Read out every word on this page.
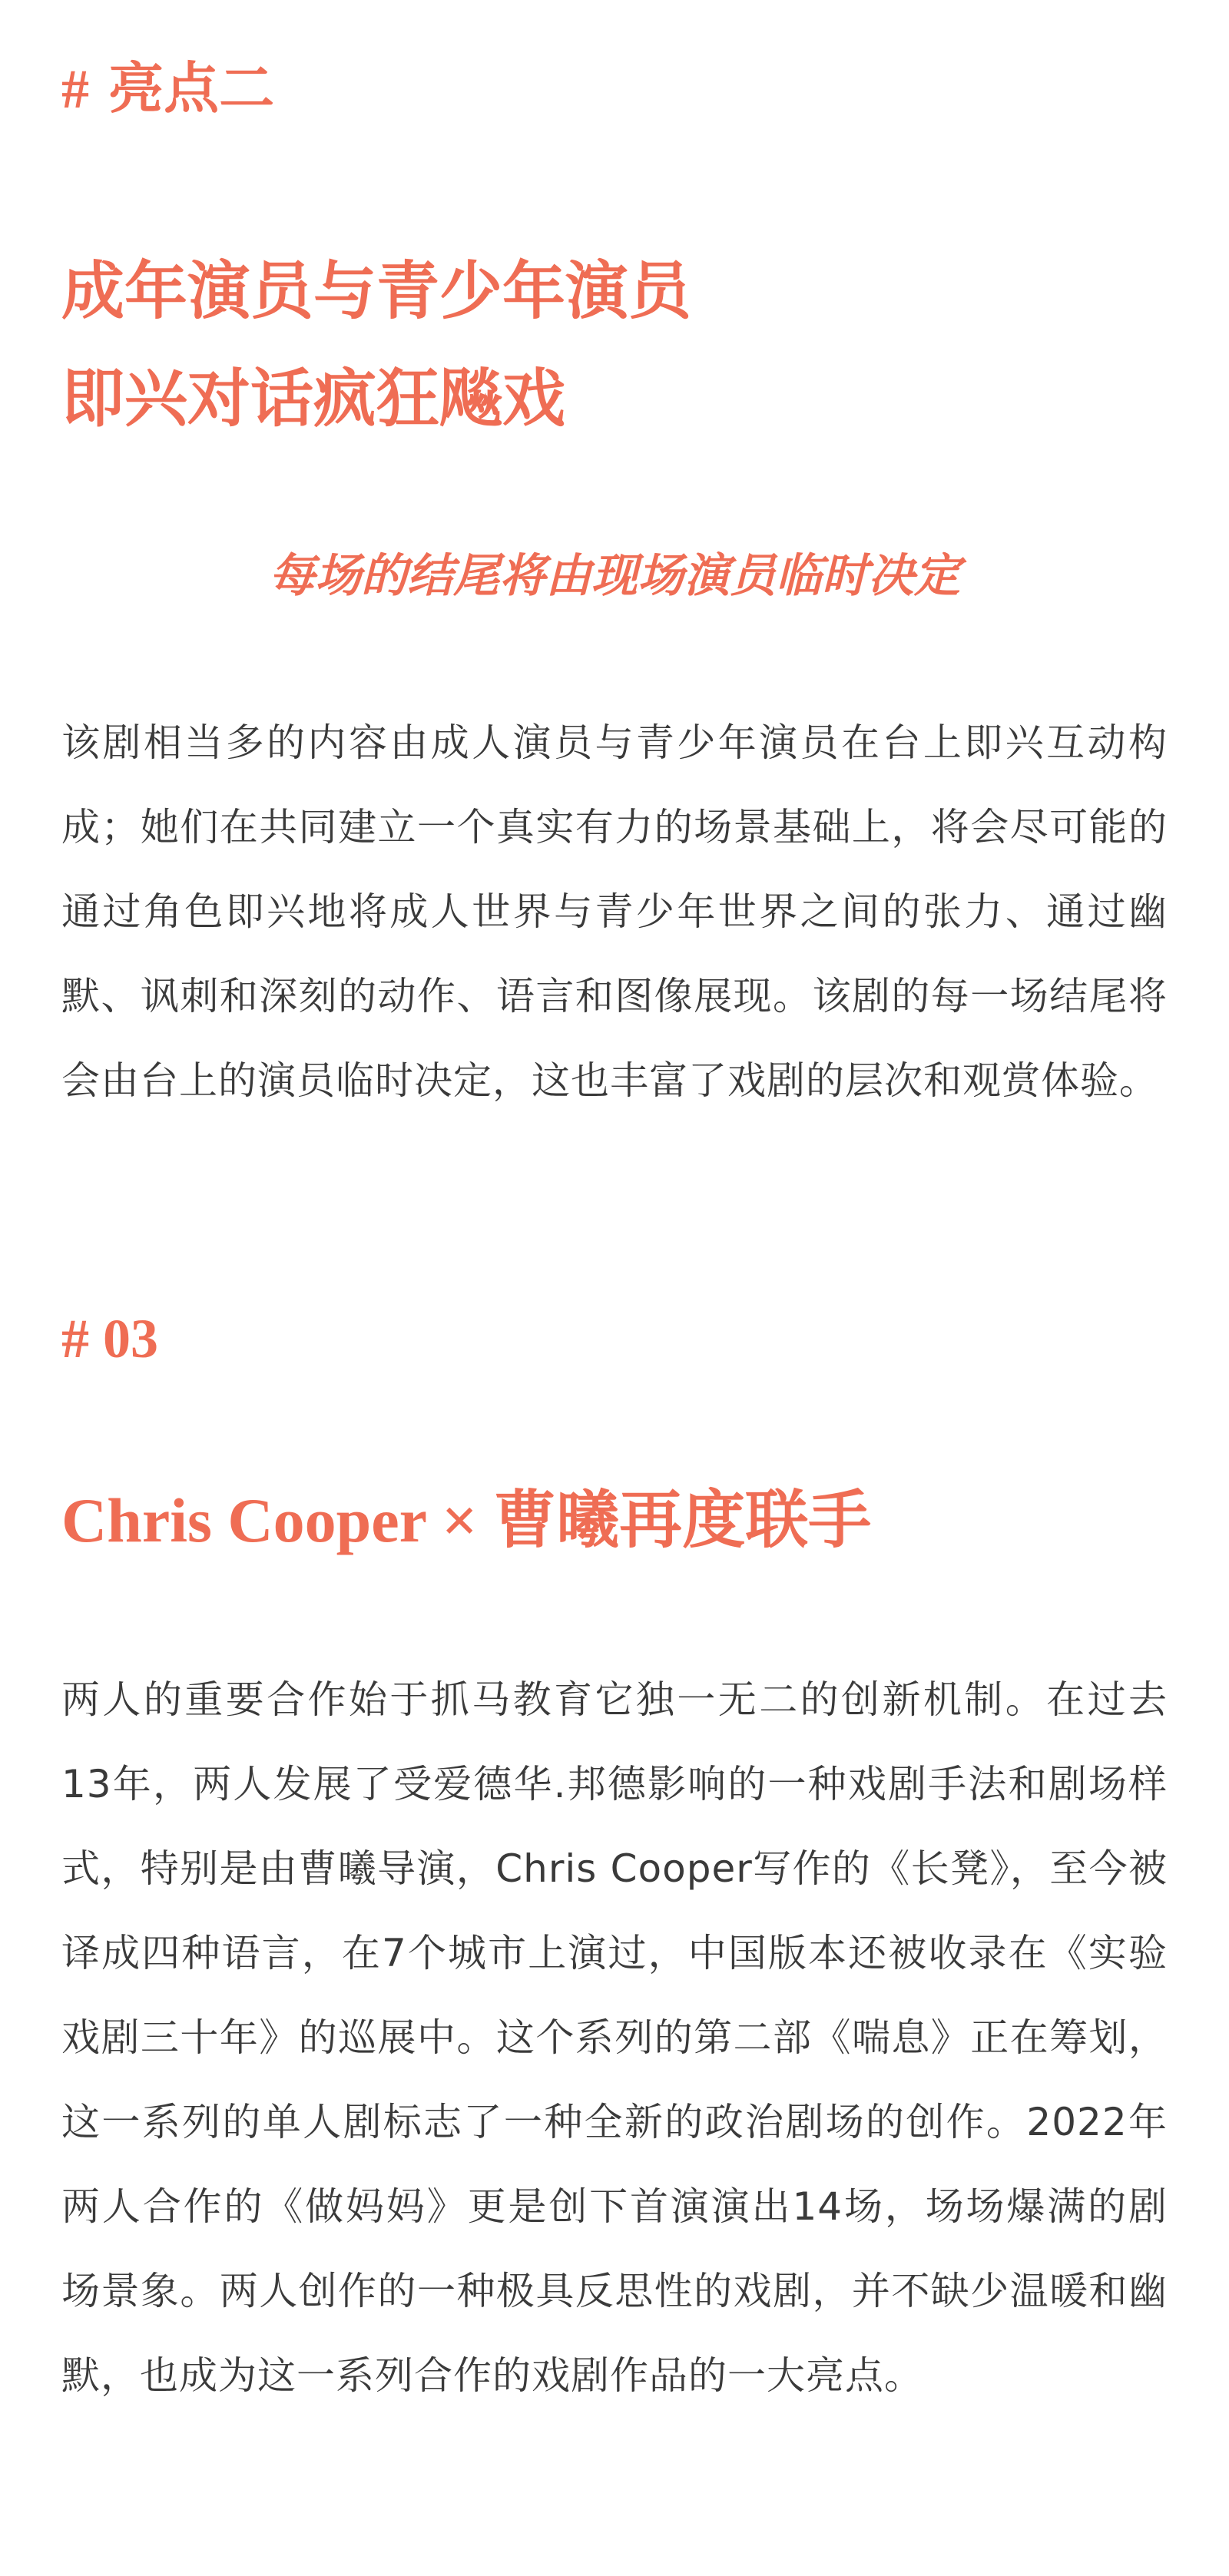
# 亮点二
成年演员与青少年演员
即兴对话疯狂飚戏

每场的结尾将由现场演员临时决定

该剧相当多的内容由成人演员与青少年演员在台上即兴互动构成；她们在共同建立一个真实有力的场景基础上，将会尽可能的通过角色即兴地将成人世界与青少年世界之间的张力、通过幽默、讽刺和深刻的动作、语言和图像展现。该剧的每一场结尾将会由台上的演员临时决定，这也丰富了戏剧的层次和观赏体验。

# 03
Chris Cooper × 曹曦再度联手

两人的重要合作始于抓马教育它独一无二的创新机制。在过去13年，两人发展了受爱德华.邦德影响的一种戏剧手法和剧场样式，特别是由曹曦导演，Chris Cooper写作的《长凳》，至今被译成四种语言，在7个城市上演过，中国版本还被收录在《实验戏剧三十年》的巡展中。这个系列的第二部《喘息》正在筹划，这一系列的单人剧标志了一种全新的政治剧场的创作。2022年两人合作的《做妈妈》更是创下首演演出14场，场场爆满的剧场景象。两人创作的一种极具反思性的戏剧，并不缺少温暖和幽默，也成为这一系列合作的戏剧作品的一大亮点。
